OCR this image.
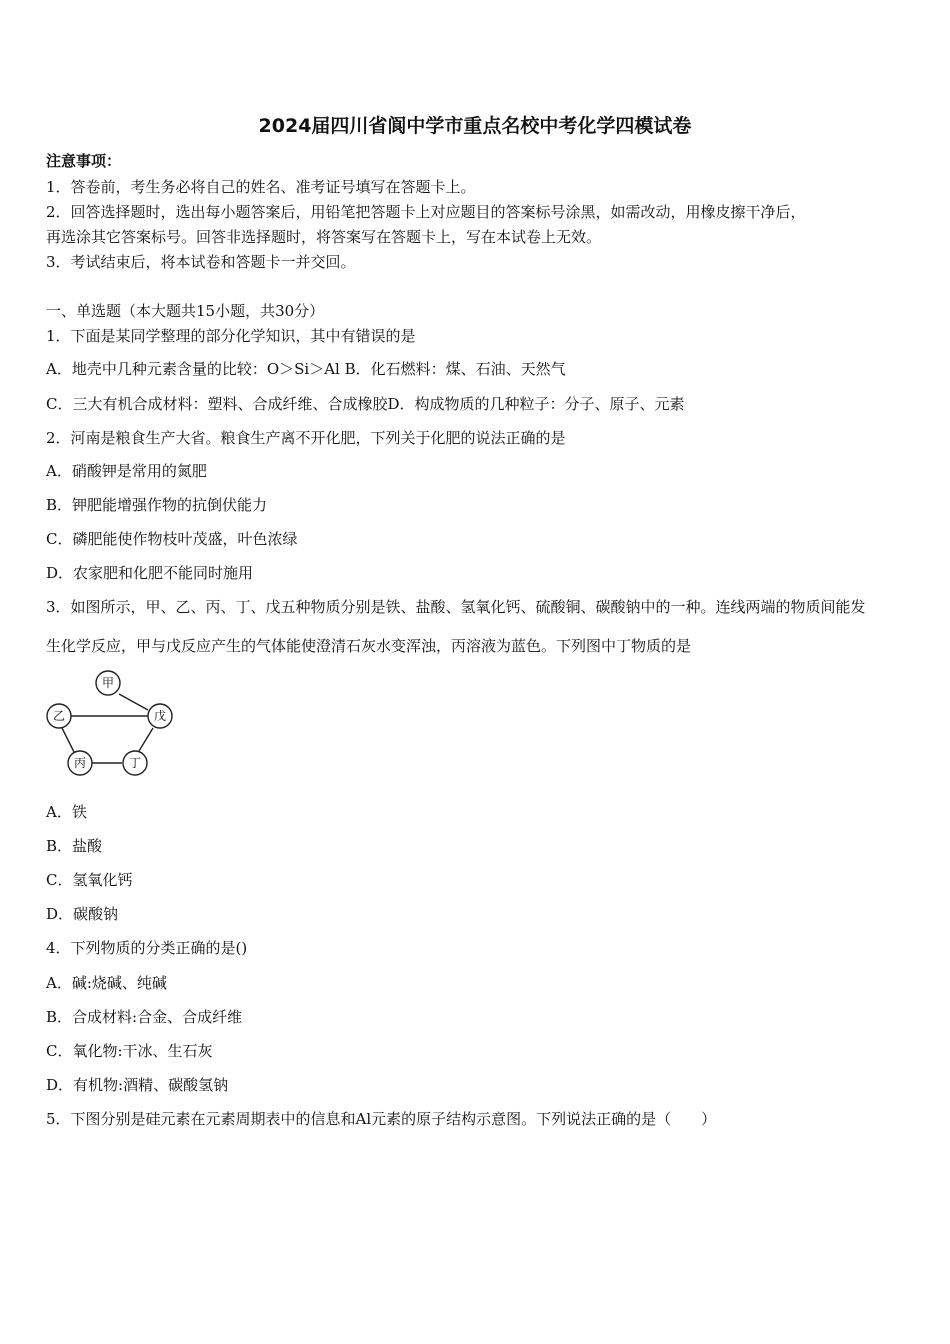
2024届四川省阆中学市重点名校中考化学四模试卷
注意事项：
1．答卷前，考生务必将自己的姓名、准考证号填写在答题卡上。
2．回答选择题时，选出每小题答案后，用铅笔把答题卡上对应题目的答案标号涂黑，如需改动，用橡皮擦干净后，
再选涂其它答案标号。回答非选择题时，将答案写在答题卡上，写在本试卷上无效。
3．考试结束后，将本试卷和答题卡一并交回。
一、单选题（本大题共15小题，共30分）
1．下面是某同学整理的部分化学知识，其中有错误的是
A．地壳中几种元素含量的比较：O＞Si＞Al B．化石燃料：煤、石油、天然气
C．三大有机合成材料：塑料、合成纤维、合成橡胶D．构成物质的几种粒子：分子、原子、元素
2．河南是粮食生产大省。粮食生产离不开化肥，下列关于化肥的说法正确的是
A．硝酸钾是常用的氮肥
B．钾肥能增强作物的抗倒伏能力
C．磷肥能使作物枝叶茂盛，叶色浓绿
D．农家肥和化肥不能同时施用
3．如图所示，甲、乙、丙、丁、戊五种物质分别是铁、盐酸、氢氧化钙、硫酸铜、碳酸钠中的一种。连线两端的物质间能发
生化学反应，甲与戊反应产生的气体能使澄清石灰水变浑浊，丙溶液为蓝色。下列图中丁物质的是
甲
乙	戊
丙	丁
A．铁
B．盐酸
C．氢氧化钙
D．碳酸钠
4．下列物质的分类正确的是()
A．碱:烧碱、纯碱
B．合成材料:合金、合成纤维
C．氧化物:干冰、生石灰
D．有机物:酒精、碳酸氢钠
5．下图分别是硅元素在元素周期表中的信息和Al元素的原子结构示意图。下列说法正确的是（　　）
